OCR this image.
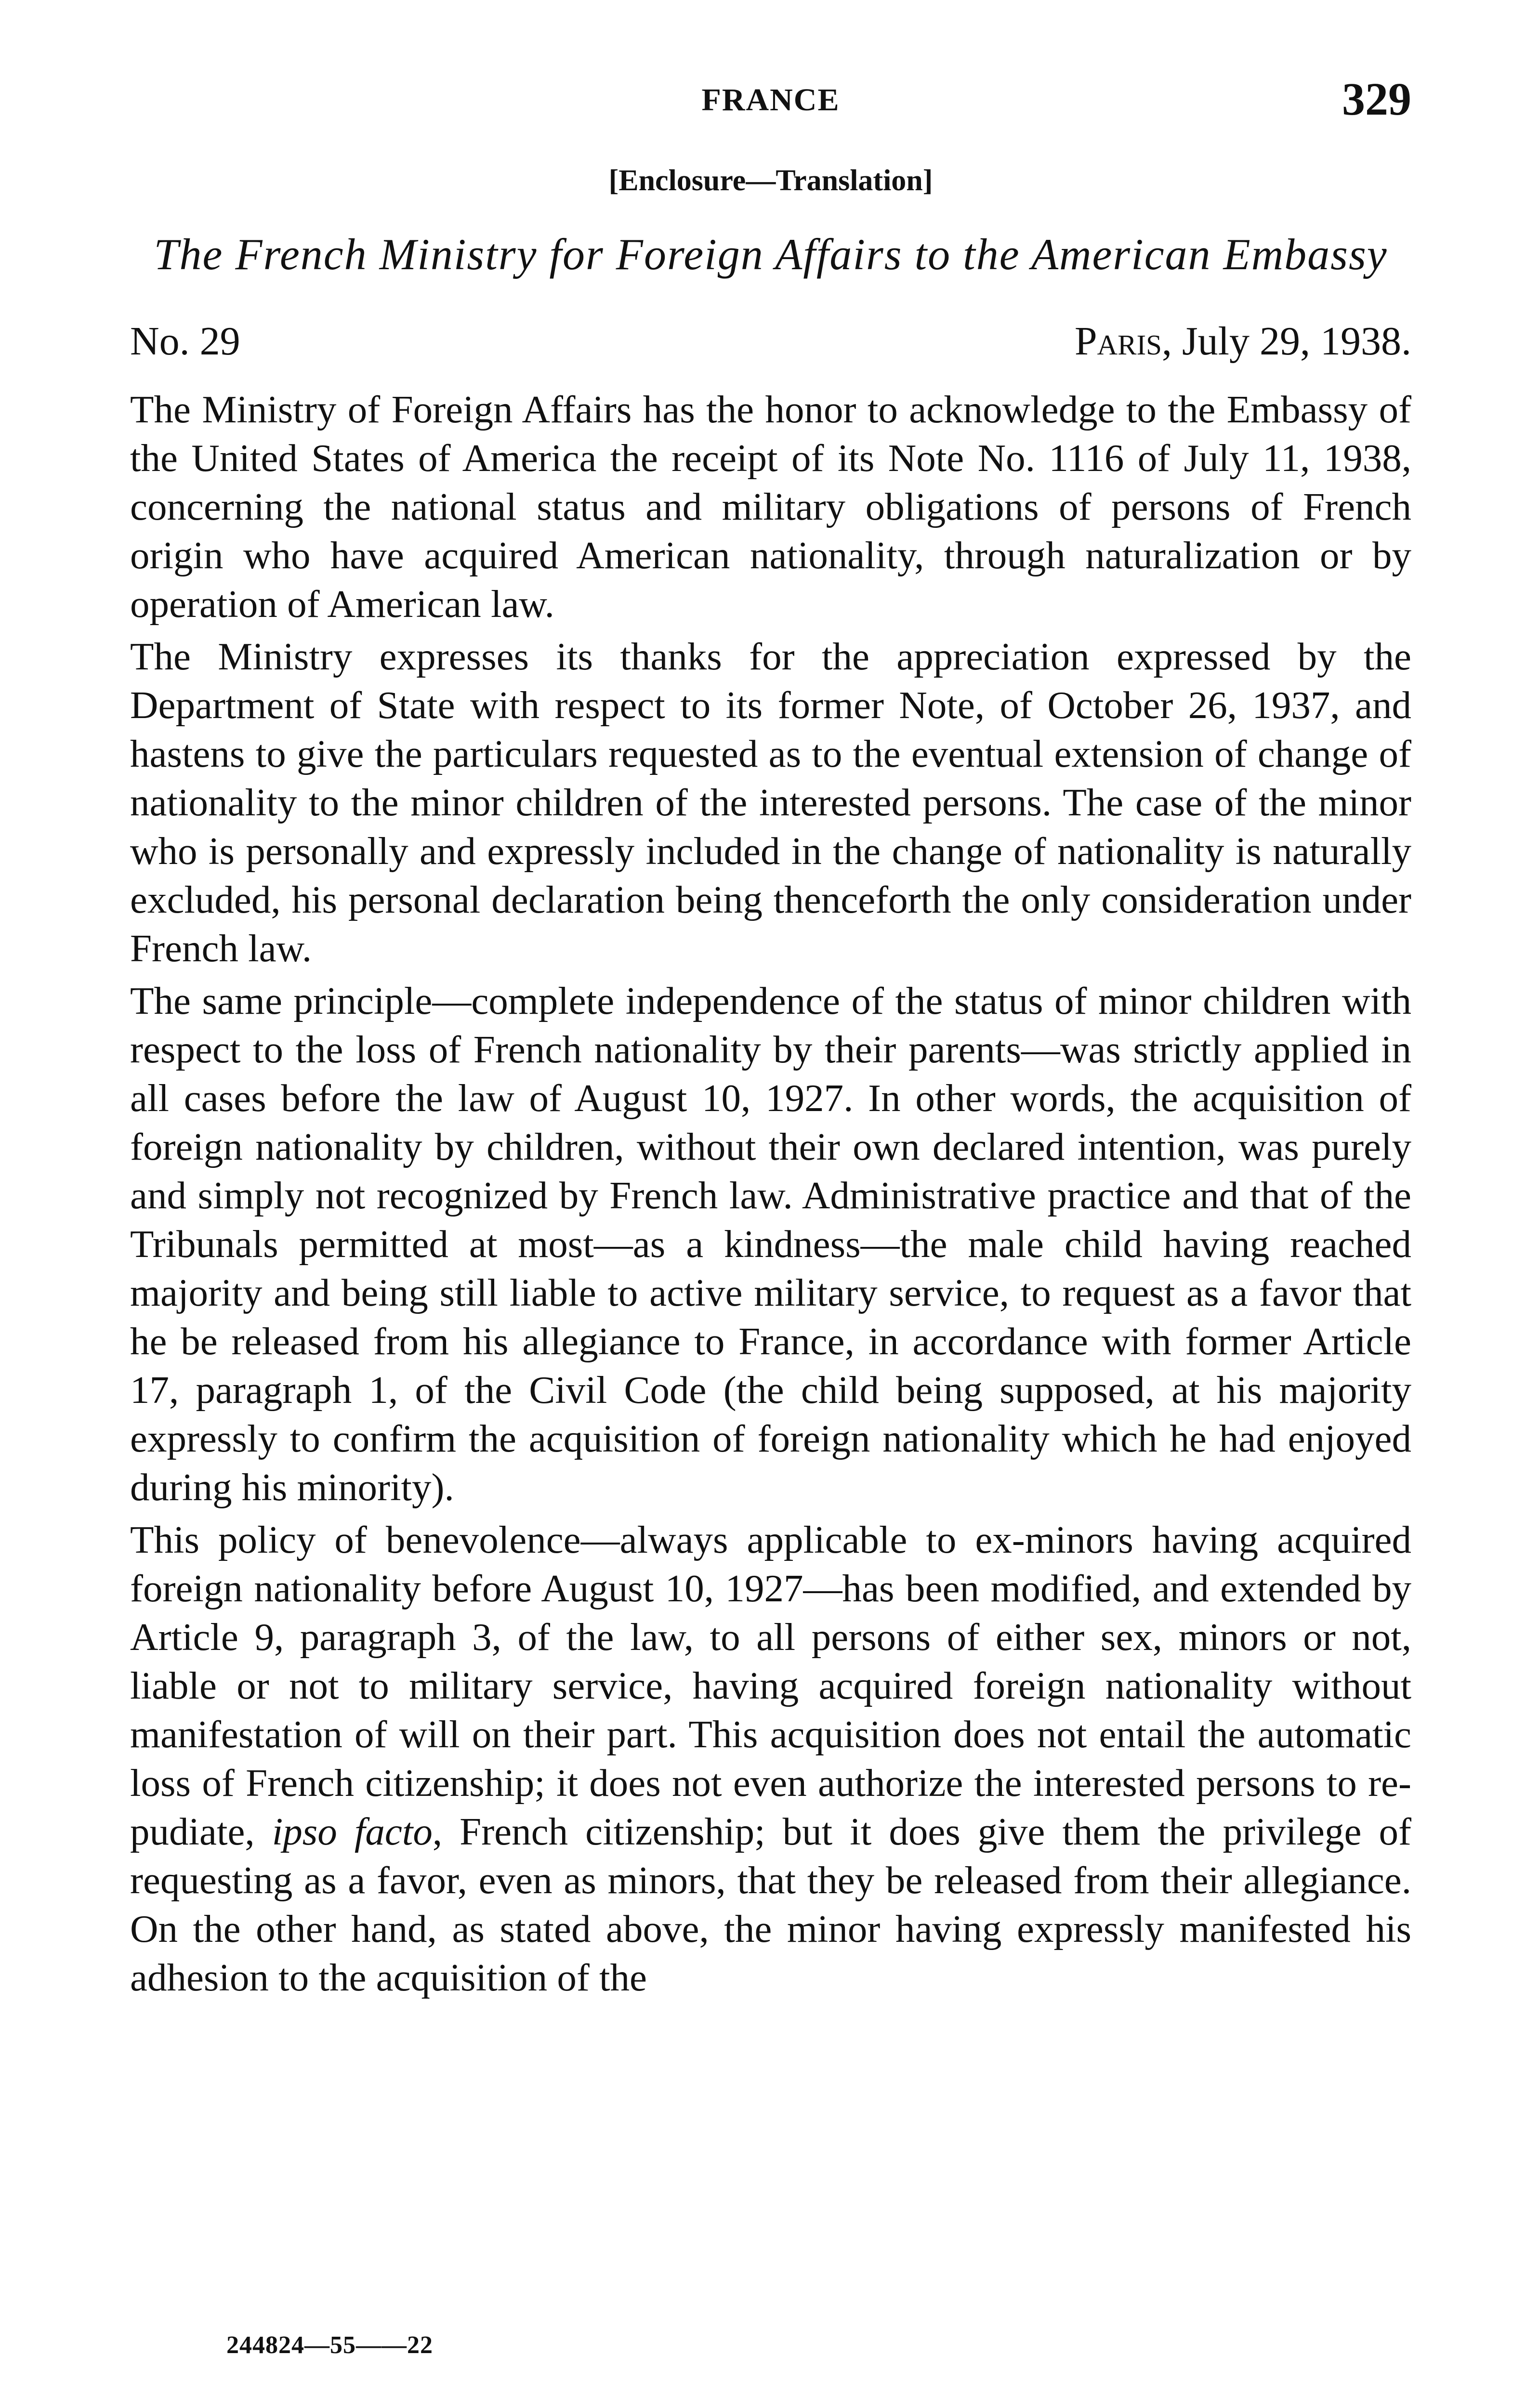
FRANCE	329
[Enclosure—Translation]
The French Ministry for Foreign Affairs to the American Embassy
No. 29	Paris, July 29, 1938.

The Ministry of Foreign Affairs has the honor to acknowledge to the Embassy of the United States of America the receipt of its Note No. 1116 of July 11, 1938, concerning the national status and military obligations of persons of French origin who have acquired American nationality, through naturalization or by operation of American law.

The Ministry expresses its thanks for the appreciation expressed by the Department of State with respect to its former Note, of October 26, 1937, and hastens to give the particulars requested as to the eventual extension of change of nationality to the minor children of the interested persons. The case of the minor who is personally and expressly included in the change of nationality is naturally excluded, his personal declaration being thenceforth the only consideration under French law.

The same principle—complete independence of the status of minor children with respect to the loss of French nationality by their parents—was strictly applied in all cases before the law of August 10, 1927. In other words, the acquisition of foreign nationality by children, without their own declared intention, was purely and simply not recognized by French law. Administrative practice and that of the Tribunals permitted at most—as a kindness—the male child having reached majority and being still liable to active military service, to request as a favor that he be released from his allegiance to France, in accordance with former Article 17, paragraph 1, of the Civil Code (the child being supposed, at his majority expressly to confirm the acquisition of foreign nationality which he had enjoyed during his minority).

This policy of benevolence—always applicable to ex-minors having acquired foreign nationality before August 10, 1927—has been modified, and extended by Article 9, paragraph 3, of the law, to all persons of either sex, minors or not, liable or not to military service, having acquired foreign nationality without manifestation of will on their part. This acquisition does not entail the automatic loss of French citizenship; it does not even authorize the interested persons to repudiate, ipso facto, French citizenship; but it does give them the privilege of requesting as a favor, even as minors, that they be released from their allegiance. On the other hand, as stated above, the minor having expressly manifested his adhesion to the acquisition of the

244824—55——22
